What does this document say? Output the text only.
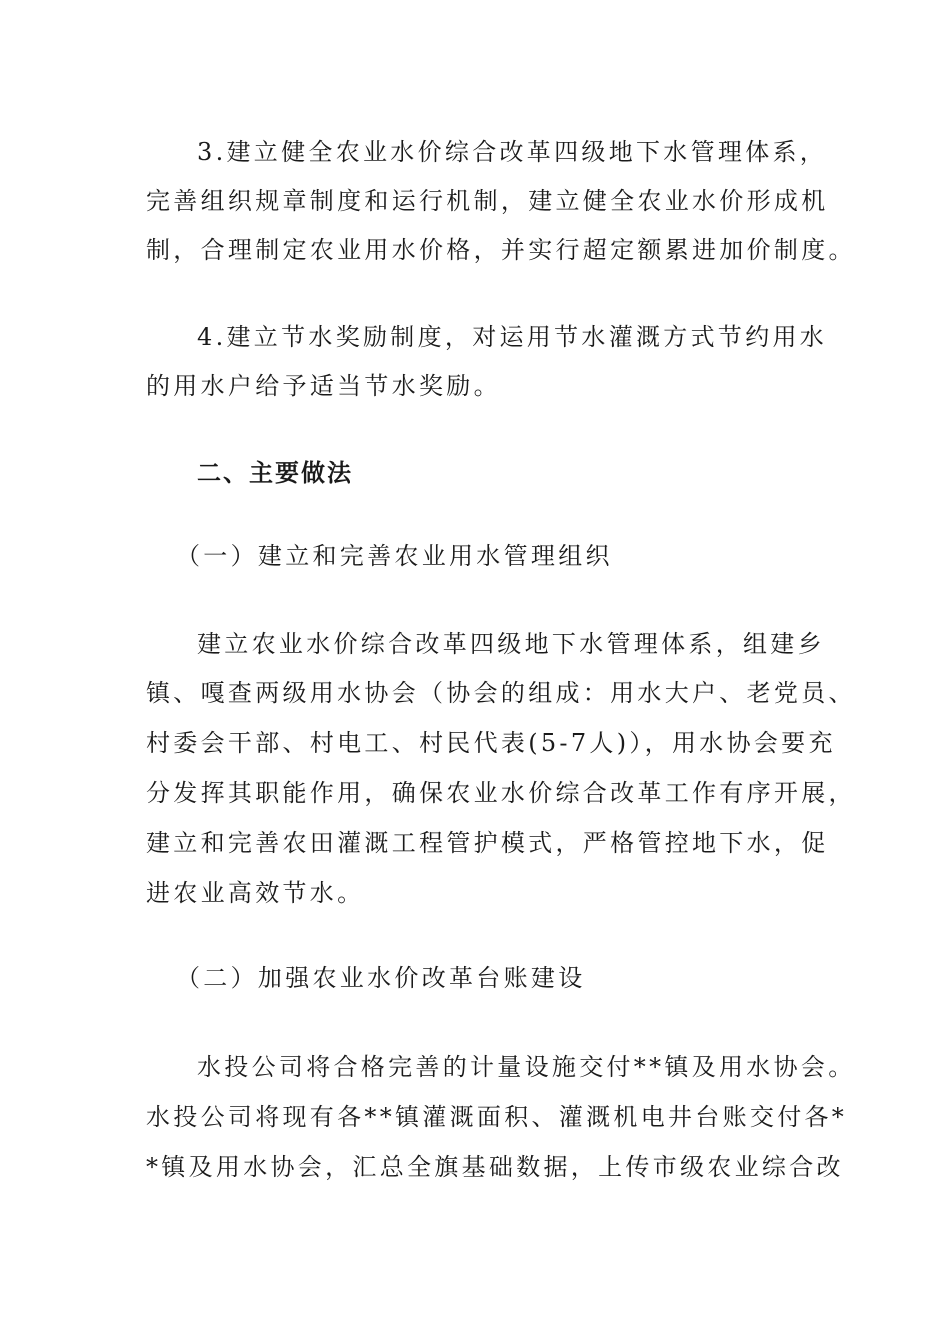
3.建立健全农业水价综合改革四级地下水管理体系，
完善组织规章制度和运行机制，建立健全农业水价形成机
制，合理制定农业用水价格，并实行超定额累进加价制度。
4.建立节水奖励制度，对运用节水灌溉方式节约用水
的用水户给予适当节水奖励。
二、主要做法
（一）建立和完善农业用水管理组织
建立农业水价综合改革四级地下水管理体系，组建乡
镇、嘎查两级用水协会（协会的组成：用水大户、老党员、
村委会干部、村电工、村民代表(5-7人)），用水协会要充
分发挥其职能作用，确保农业水价综合改革工作有序开展，
建立和完善农田灌溉工程管护模式，严格管控地下水，促
进农业高效节水。
（二）加强农业水价改革台账建设
水投公司将合格完善的计量设施交付**镇及用水协会。
水投公司将现有各**镇灌溉面积、灌溉机电井台账交付各*
*镇及用水协会，汇总全旗基础数据，上传市级农业综合改
